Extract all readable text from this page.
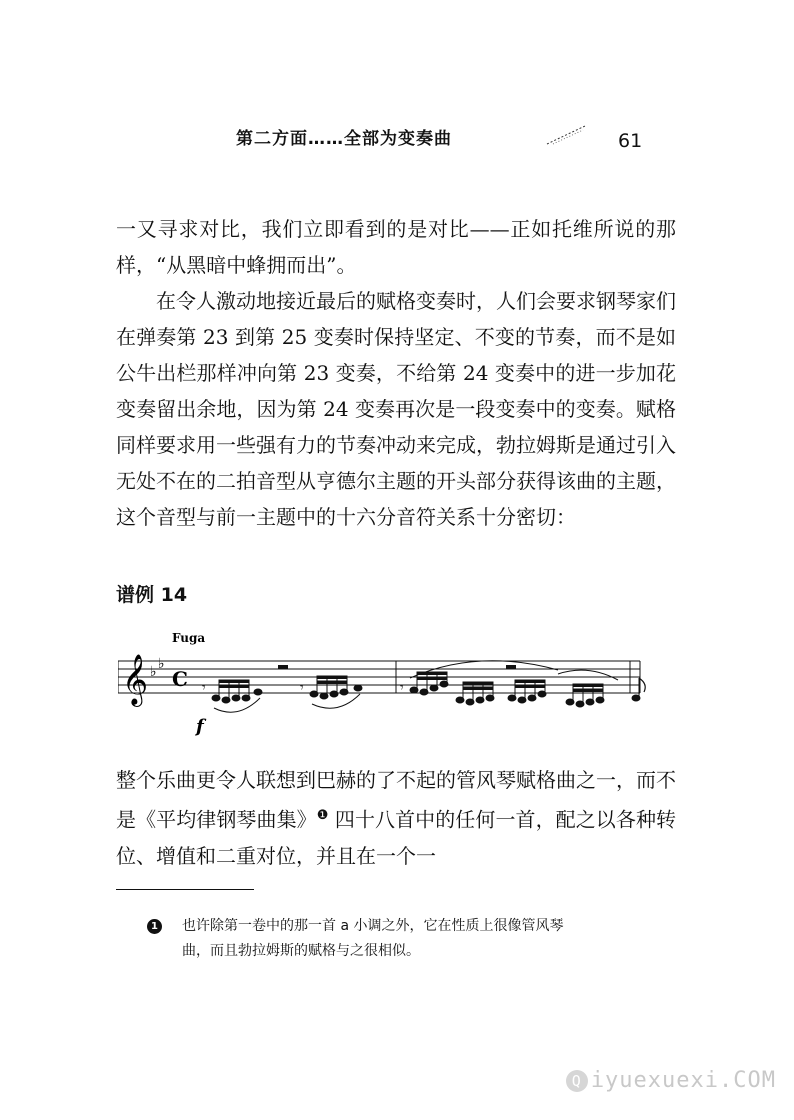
第二方面……全部为变奏曲	61

一又寻求对比，我们立即看到的是对比——正如托维所说的那样，“从黑暗中蜂拥而出”。

在令人激动地接近最后的赋格变奏时，人们会要求钢琴家们在弹奏第 23 到第 25 变奏时保持坚定、不变的节奏，而不是如公牛出栏那样冲向第 23 变奏，不给第 24 变奏中的进一步加花变奏留出余地，因为第 24 变奏再次是一段变奏中的变奏。赋格同样要求用一些强有力的节奏冲动来完成，勃拉姆斯是通过引入无处不在的二拍音型从亨德尔主题的开头部分获得该曲的主题，这个音型与前一主题中的十六分音符关系十分密切：

谱例 14
Fuga
𝄞 ♭ ♭
C
f
𝄾	𝄾	𝄾

整个乐曲更令人联想到巴赫的了不起的管风琴赋格曲之一，而不是《平均律钢琴曲集》$^❶$ 四十八首中的任何一首，配之以各种转位、增值和二重对位，并且在一个一

1 也许除第一卷中的那一首 a 小调之外，它在性质上很像管风琴
曲，而且勃拉姆斯的赋格与之很相似。
Q iyuexuexi.COM
